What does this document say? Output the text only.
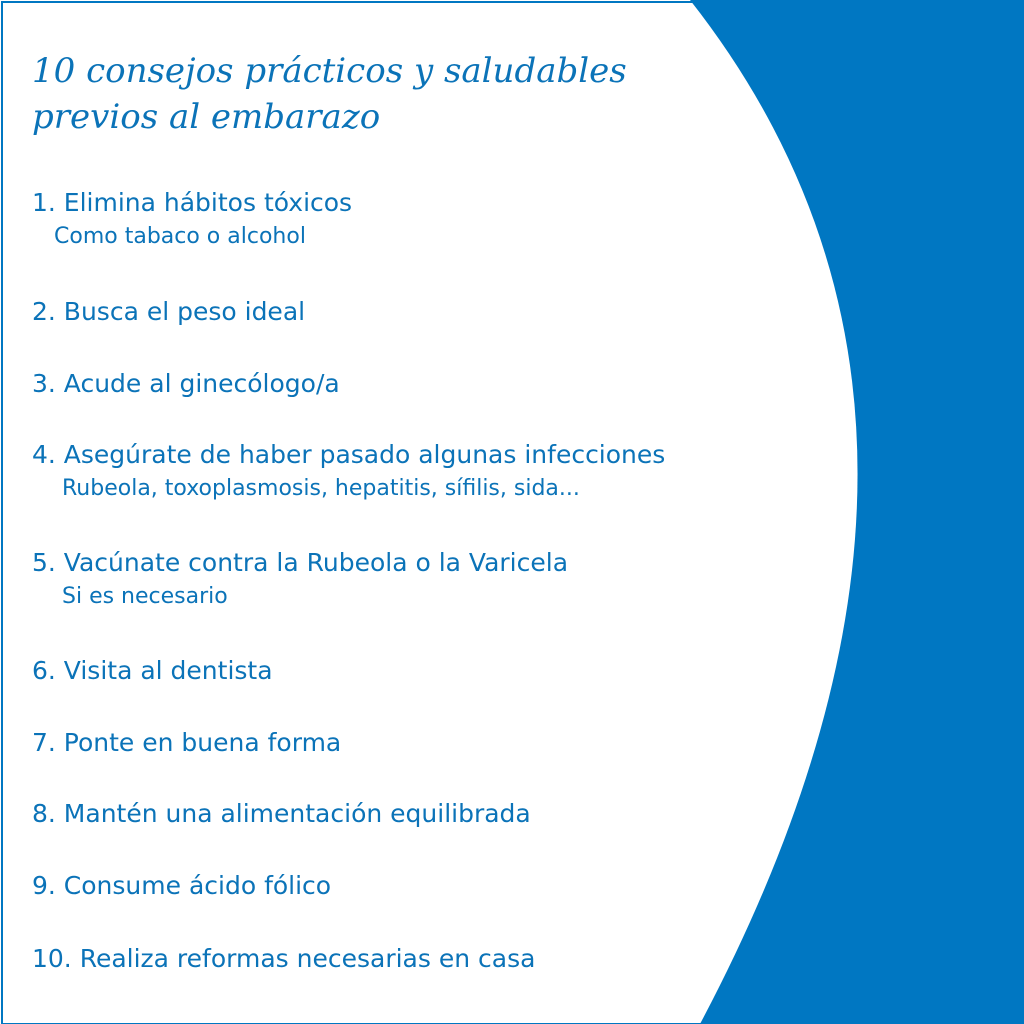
10 consejos prácticos y saludables
previos al embarazo
1. Elimina hábitos tóxicos
Como tabaco o alcohol
2. Busca el peso ideal
3. Acude al ginecólogo/a
4. Asegúrate de haber pasado algunas infecciones
Rubeola, toxoplasmosis, hepatitis, sífilis, sida...
5. Vacúnate contra la Rubeola o la Varicela
Si es necesario
6. Visita al dentista
7. Ponte en buena forma
8. Mantén una alimentación equilibrada
9. Consume ácido fólico
10. Realiza reformas necesarias en casa
